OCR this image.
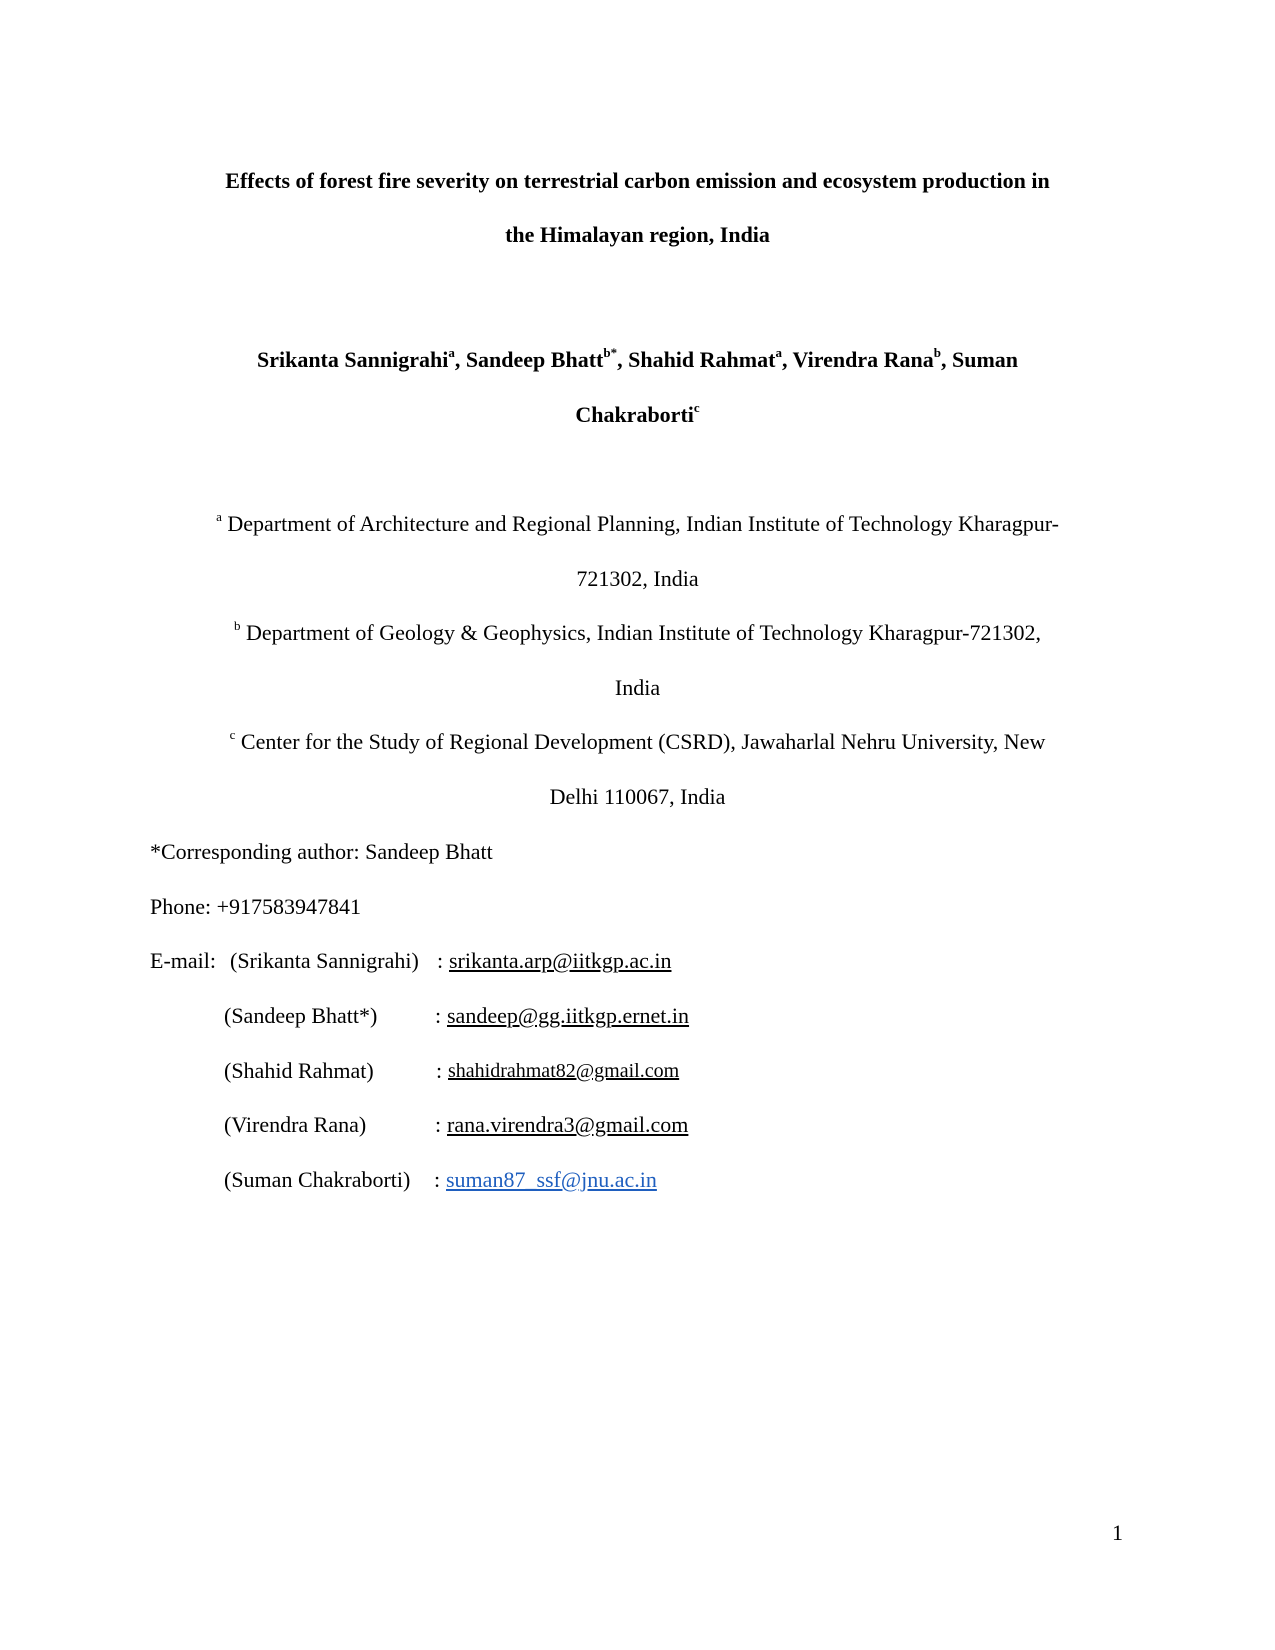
Effects of forest fire severity on terrestrial carbon emission and ecosystem production in
the Himalayan region, India
Srikanta Sannigrahi$^a$, Sandeep Bhatt$^{b*}$, Shahid Rahmat$^a$, Virendra Rana$^b$, Suman
Chakraborti$^c$
$^a$ Department of Architecture and Regional Planning, Indian Institute of Technology Kharagpur-
721302, India
$^b$ Department of Geology & Geophysics, Indian Institute of Technology Kharagpur-721302,
India
$^c$ Center for the Study of Regional Development (CSRD), Jawaharlal Nehru University, New
Delhi 110067, India
*Corresponding author: Sandeep Bhatt
Phone: +917583947841
E-mail: (Srikanta Sannigrahi) : srikanta.arp@iitkgp.ac.in
(Sandeep Bhatt*)	: sandeep@gg.iitkgp.ernet.in
(Shahid Rahmat)	: shahidrahmat82@gmail.com
(Virendra Rana)	: rana.virendra3@gmail.com
(Suman Chakraborti) : suman87_ssf@jnu.ac.in
1
